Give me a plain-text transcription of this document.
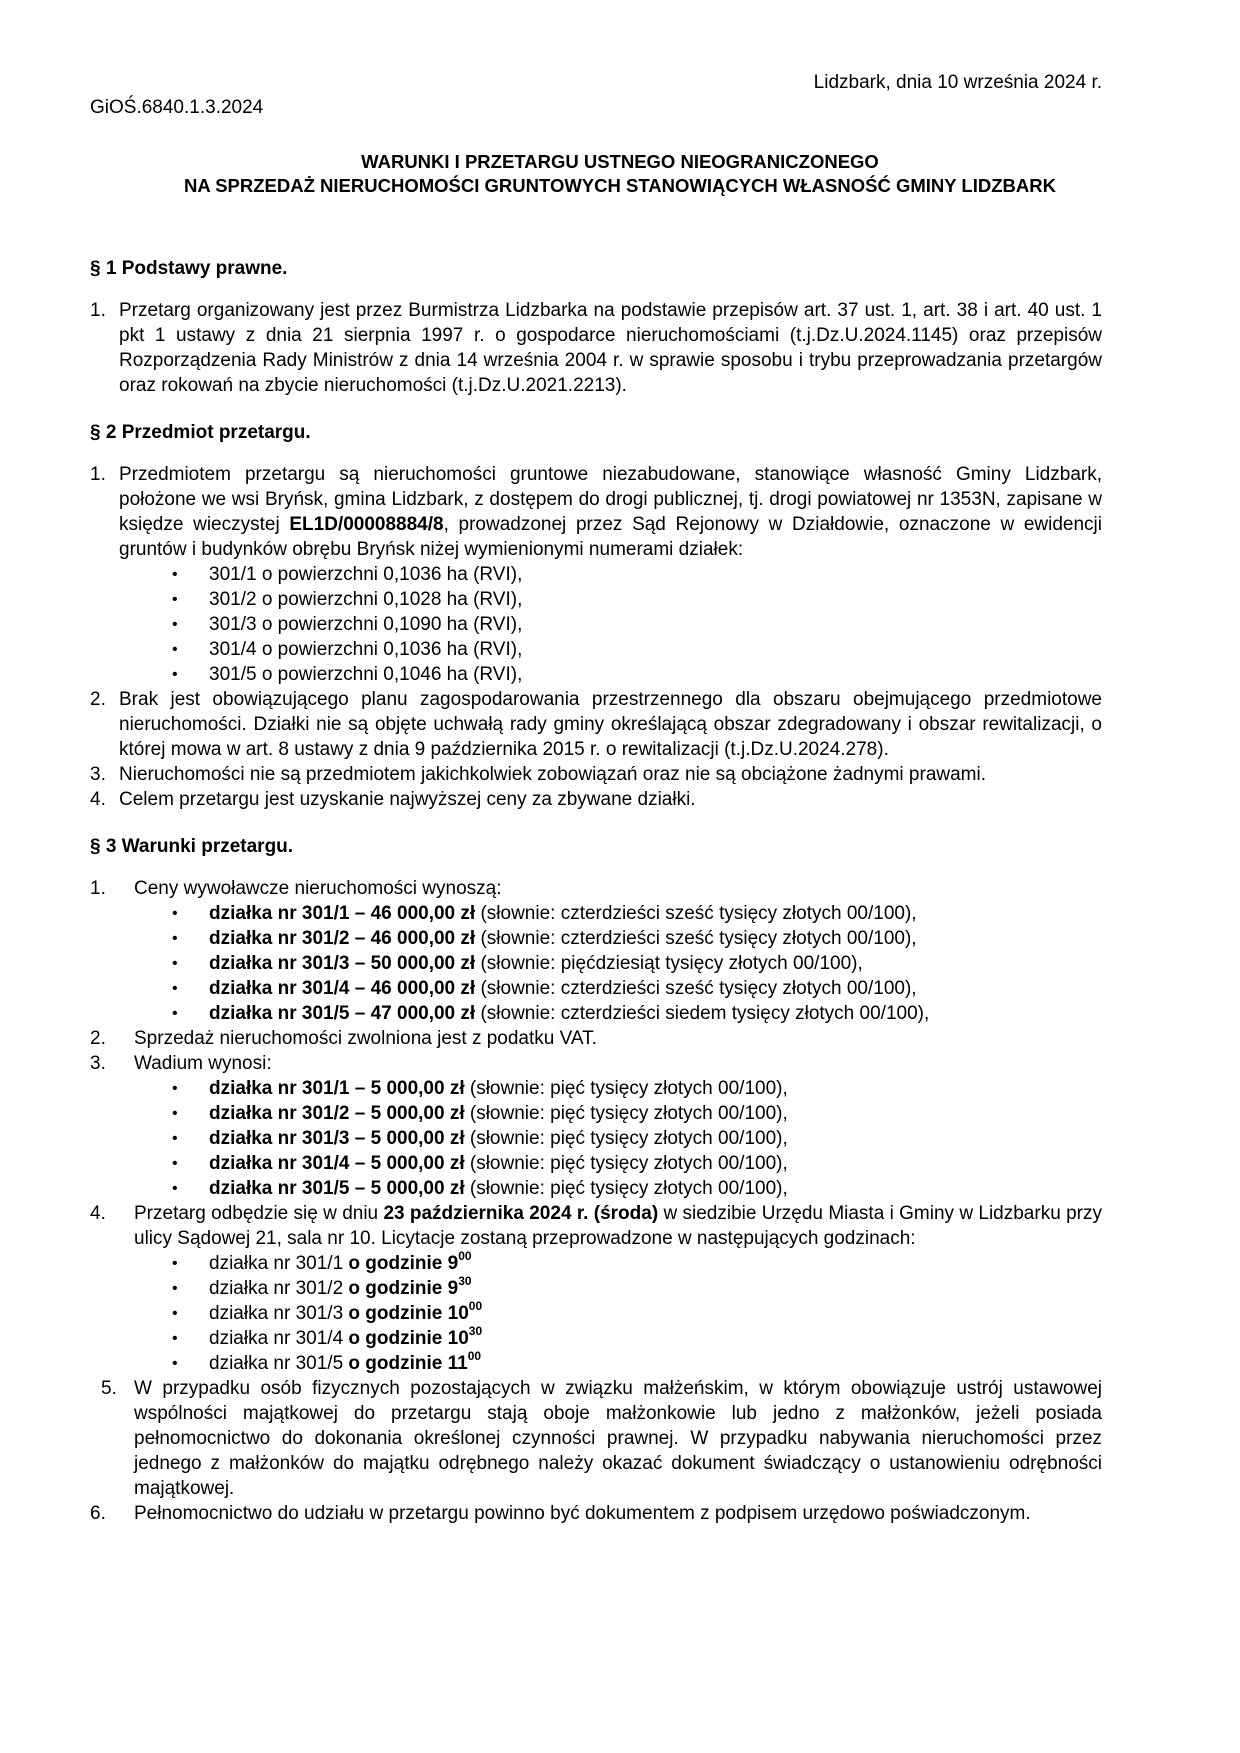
GiOŚ.6840.1.3.2024
Lidzbark, dnia 10 września 2024 r.
WARUNKI I PRZETARGU USTNEGO NIEOGRANICZONEGO
NA SPRZEDAŻ NIERUCHOMOŚCI GRUNTOWYCH STANOWIĄCYCH WŁASNOŚĆ GMINY LIDZBARK
§ 1 Podstawy prawne.
1. Przetarg organizowany jest przez Burmistrza Lidzbarka na podstawie przepisów art. 37 ust. 1, art. 38 i art. 40 ust. 1 pkt 1 ustawy z dnia 21 sierpnia 1997 r. o gospodarce nieruchomościami (t.j.Dz.U.2024.1145) oraz przepisów Rozporządzenia Rady Ministrów z dnia 14 września 2004 r. w sprawie sposobu i trybu przeprowadzania przetargów oraz rokowań na zbycie nieruchomości (t.j.Dz.U.2021.2213).
§ 2 Przedmiot przetargu.
1. Przedmiotem przetargu są nieruchomości gruntowe niezabudowane, stanowiące własność Gminy Lidzbark, położone we wsi Bryńsk, gmina Lidzbark, z dostępem do drogi publicznej, tj. drogi powiatowej nr 1353N, zapisane w księdze wieczystej EL1D/00008884/8, prowadzonej przez Sąd Rejonowy w Działdowie, oznaczone w ewidencji gruntów i budynków obrębu Bryńsk niżej wymienionymi numerami działek:
• 301/1 o powierzchni 0,1036 ha (RVI),
• 301/2 o powierzchni 0,1028 ha (RVI),
• 301/3 o powierzchni 0,1090 ha (RVI),
• 301/4 o powierzchni 0,1036 ha (RVI),
• 301/5 o powierzchni 0,1046 ha (RVI),
2. Brak jest obowiązującego planu zagospodarowania przestrzennego dla obszaru obejmującego przedmiotowe nieruchomości. Działki nie są objęte uchwałą rady gminy określającą obszar zdegradowany i obszar rewitalizacji, o której mowa w art. 8 ustawy z dnia 9 października 2015 r. o rewitalizacji (t.j.Dz.U.2024.278).
3. Nieruchomości nie są przedmiotem jakichkolwiek zobowiązań oraz nie są obciążone żadnymi prawami.
4. Celem przetargu jest uzyskanie najwyższej ceny za zbywane działki.
§ 3 Warunki przetargu.
1.	Ceny wywoławcze nieruchomości wynoszą:
• działka nr 301/1 – 46 000,00 zł (słownie: czterdzieści sześć tysięcy złotych 00/100),
• działka nr 301/2 – 46 000,00 zł (słownie: czterdzieści sześć tysięcy złotych 00/100),
• działka nr 301/3 – 50 000,00 zł (słownie: pięćdziesiąt tysięcy złotych 00/100),
• działka nr 301/4 – 46 000,00 zł (słownie: czterdzieści sześć tysięcy złotych 00/100),
• działka nr 301/5 – 47 000,00 zł (słownie: czterdzieści siedem tysięcy złotych 00/100),
2.	Sprzedaż nieruchomości zwolniona jest z podatku VAT.
3.	Wadium wynosi:
• działka nr 301/1 – 5 000,00 zł (słownie: pięć tysięcy złotych 00/100),
• działka nr 301/2 – 5 000,00 zł (słownie: pięć tysięcy złotych 00/100),
• działka nr 301/3 – 5 000,00 zł (słownie: pięć tysięcy złotych 00/100),
• działka nr 301/4 – 5 000,00 zł (słownie: pięć tysięcy złotych 00/100),
• działka nr 301/5 – 5 000,00 zł (słownie: pięć tysięcy złotych 00/100),
4.	Przetarg odbędzie się w dniu 23 października 2024 r. (środa) w siedzibie Urzędu Miasta i Gminy w Lidzbarku przy ulicy Sądowej 21, sala nr 10. Licytacje zostaną przeprowadzone w następujących godzinach:
• działka nr 301/1 o godzinie $9^{00}$
• działka nr 301/2 o godzinie $9^{30}$
• działka nr 301/3 o godzinie $10^{00}$
• działka nr 301/4 o godzinie $10^{30}$
• działka nr 301/5 o godzinie $11^{00}$
5. W przypadku osób fizycznych pozostających w związku małżeńskim, w którym obowiązuje ustrój ustawowej wspólności majątkowej do przetargu stają oboje małżonkowie lub jedno z małżonków, jeżeli posiada pełnomocnictwo do dokonania określonej czynności prawnej. W przypadku nabywania nieruchomości przez jednego z małżonków do majątku odrębnego należy okazać dokument świadczący o ustanowieniu odrębności majątkowej.
6.	Pełnomocnictwo do udziału w przetargu powinno być dokumentem z podpisem urzędowo poświadczonym.
